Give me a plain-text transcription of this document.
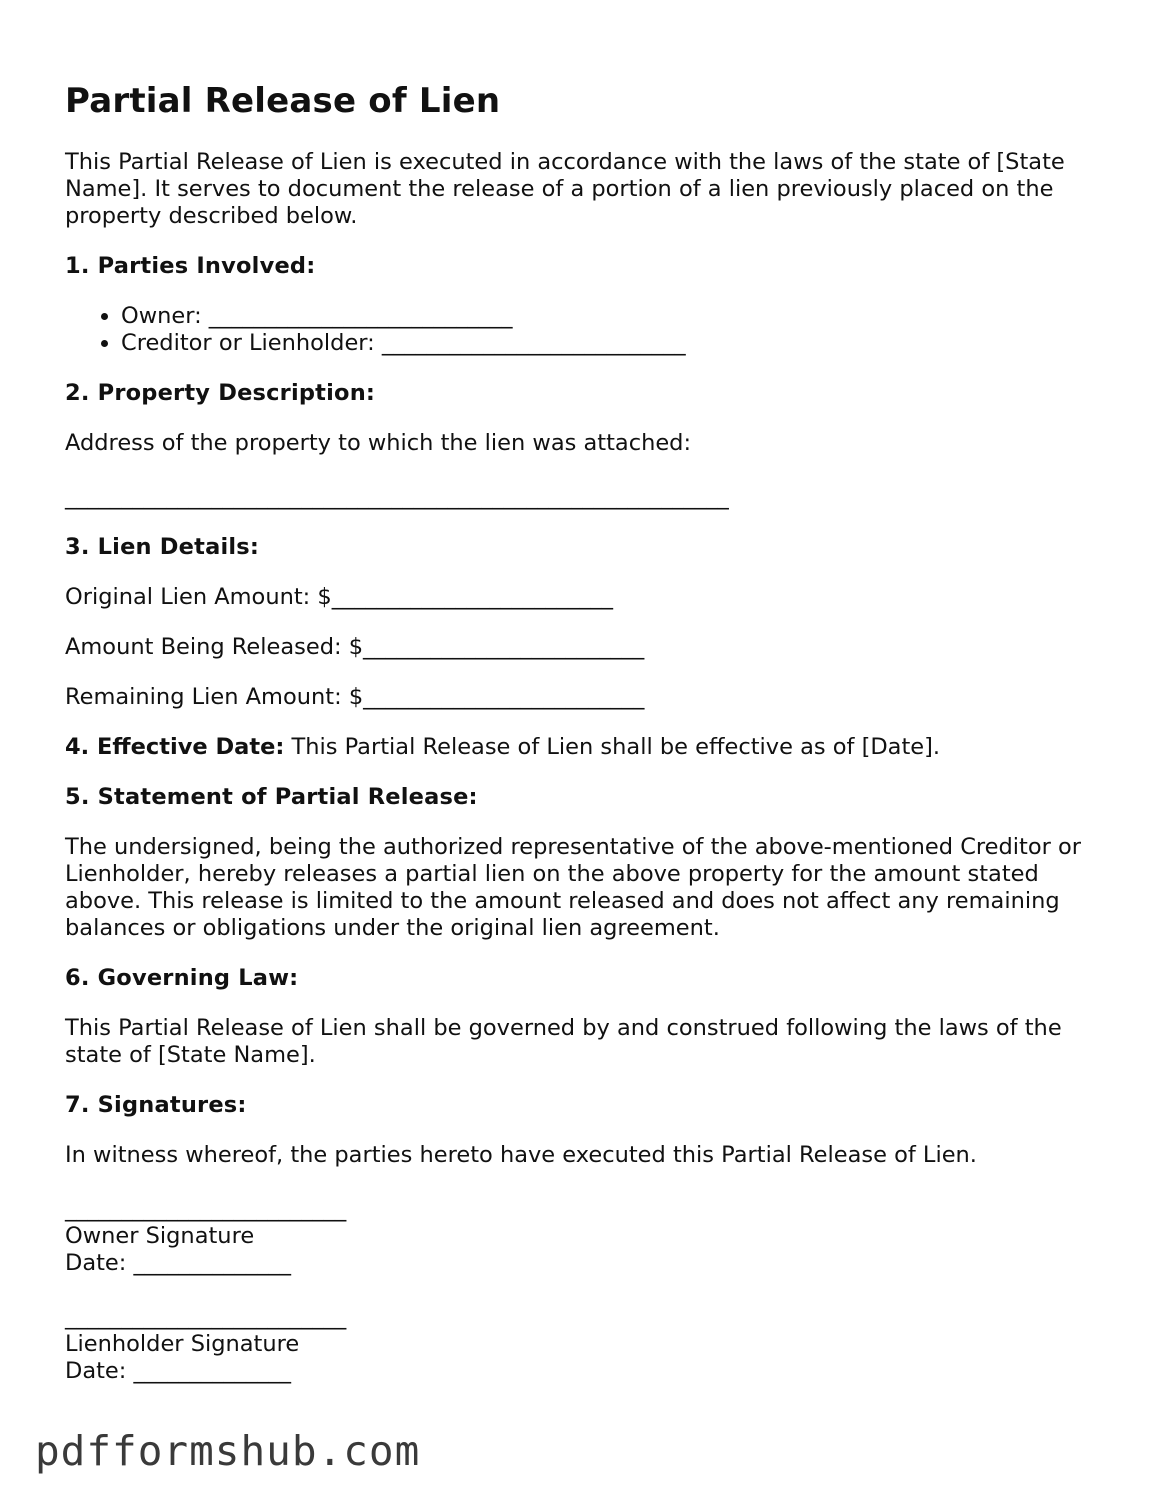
Partial Release of Lien

This Partial Release of Lien is executed in accordance with the laws of the state of [State Name]. It serves to document the release of a portion of a lien previously placed on the property described below.

1. Parties Involved:

• Owner: ___________________________
• Creditor or Lienholder: ___________________________

2. Property Description:

Address of the property to which the lien was attached:

___________________________________________________________

3. Lien Details:

Original Lien Amount: $_________________________

Amount Being Released: $_________________________

Remaining Lien Amount: $_________________________

4. Effective Date: This Partial Release of Lien shall be effective as of [Date].

5. Statement of Partial Release:

The undersigned, being the authorized representative of the above-mentioned Creditor or Lienholder, hereby releases a partial lien on the above property for the amount stated above. This release is limited to the amount released and does not affect any remaining balances or obligations under the original lien agreement.

6. Governing Law:

This Partial Release of Lien shall be governed by and construed following the laws of the state of [State Name].

7. Signatures:

In witness whereof, the parties hereto have executed this Partial Release of Lien.

_________________________
Owner Signature
Date: ______________
_________________________
Lienholder Signature
Date: ______________
pdfformshub.com
